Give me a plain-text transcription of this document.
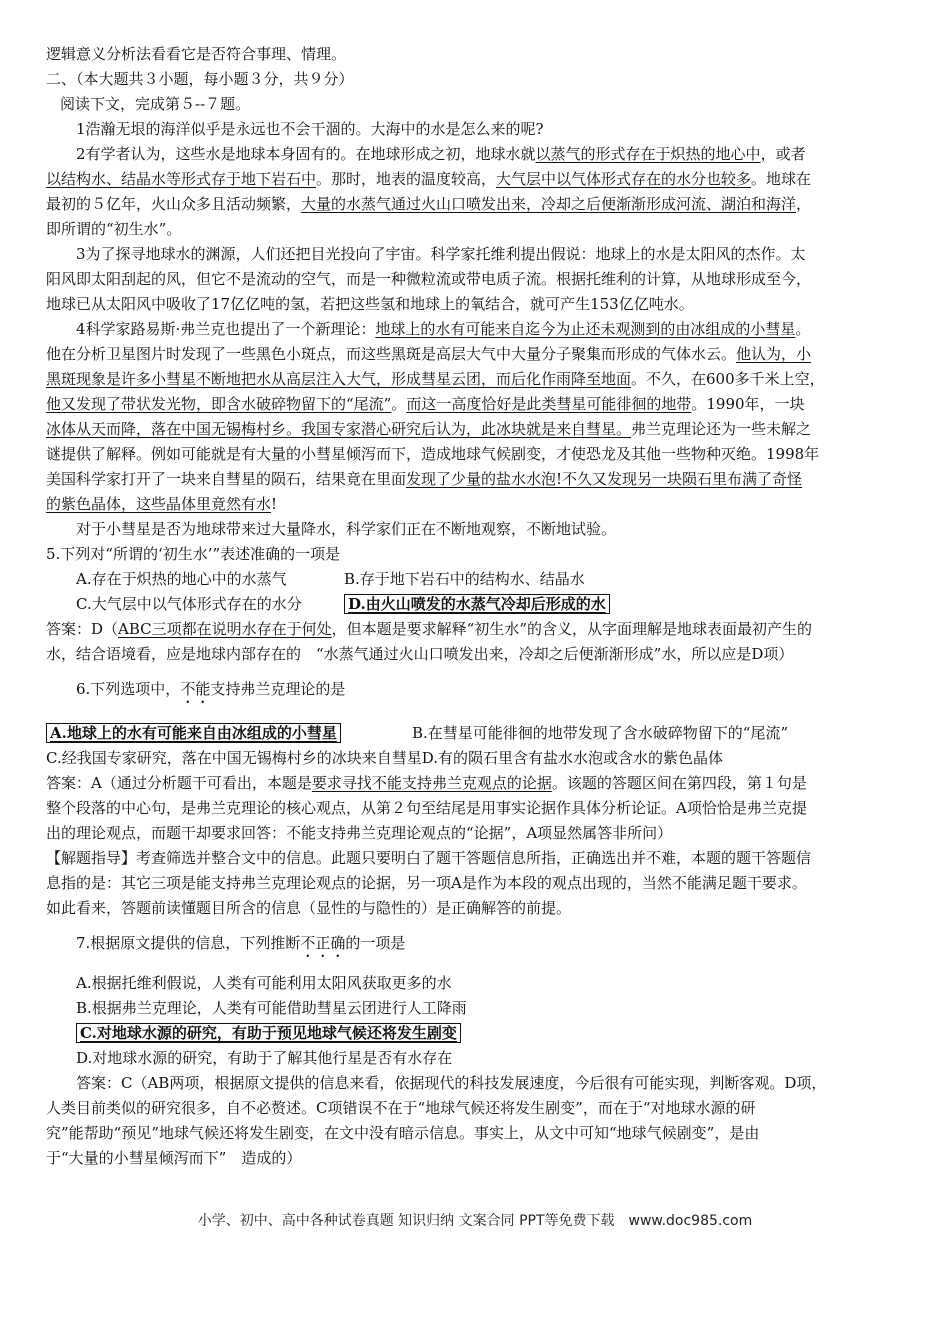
逻辑意义分析法看看它是否符合事理、情理。
二、（本大题共３小题，每小题３分，共９分）
阅读下文，完成第５--７题。
1浩瀚无垠的海洋似乎是永远也不会干涸的。大海中的水是怎么来的呢?
2有学者认为，这些水是地球本身固有的。在地球形成之初，地球水就以蒸气的形式存在于炽热的地心中，或者
以结构水、结晶水等形式存于地下岩石中。那时，地表的温度较高，大气层中以气体形式存在的水分也较多。地球在
最初的５亿年，火山众多且活动频繁，大量的水蒸气通过火山口喷发出来，冷却之后便渐渐形成河流、湖泊和海洋，
即所谓的“初生水”。
3为了探寻地球水的渊源，人们还把目光投向了宇宙。科学家托维利提出假说：地球上的水是太阳风的杰作。太
阳风即太阳刮起的风，但它不是流动的空气，而是一种微粒流或带电质子流。根据托维利的计算，从地球形成至今，
地球已从太阳风中吸收了17亿亿吨的氢，若把这些氢和地球上的氧结合，就可产生153亿亿吨水。
4科学家路易斯·弗兰克也提出了一个新理论：地球上的水有可能来自迄今为止还未观测到的由冰组成的小彗星。
他在分析卫星图片时发现了一些黑色小斑点，而这些黑斑是高层大气中大量分子聚集而形成的气体水云。他认为，小
黑斑现象是许多小彗星不断地把水从高层注入大气，形成彗星云团，而后化作雨降至地面。不久，在600多千米上空，
他又发现了带状发光物，即含水破碎物留下的“尾流”。而这一高度恰好是此类彗星可能徘徊的地带。1990年，一块
冰体从天而降，落在中国无锡梅村乡。我国专家潜心研究后认为，此冰块就是来自彗星。弗兰克理论还为一些未解之
谜提供了解释。例如可能就是有大量的小彗星倾泻而下，造成地球气候剧变，才使恐龙及其他一些物种灭绝。1998年
美国科学家打开了一块来自彗星的陨石，结果竟在里面发现了少量的盐水水泡!不久又发现另一块陨石里布满了奇怪
的紫色晶体，这些晶体里竟然有水!
对于小彗星是否为地球带来过大量降水，科学家们正在不断地观察，不断地试验。
5.下列对“所谓的‘初生水’”表述准确的一项是
A.存在于炽热的地心中的水蒸气	B.存于地下岩石中的结构水、结晶水
C.大气层中以气体形式存在的水分	D.由火山喷发的水蒸气冷却后形成的水
答案：D（ABC三项都在说明水存在于何处，但本题是要求解释“初生水”的含义，从字面理解是地球表面最初产生的
水，结合语境看，应是地球内部存在的　“水蒸气通过火山口喷发出来，冷却之后便渐渐形成”水，所以应是D项）
6.下列选项中，不能支持弗兰克理论的是
A.地球上的水有可能来自由冰组成的小彗星	B.在彗星可能徘徊的地带发现了含水破碎物留下的“尾流”
C.经我国专家研究，落在中国无锡梅村乡的冰块来自彗星D.有的陨石里含有盐水水泡或含水的紫色晶体
答案：A（通过分析题干可看出，本题是要求寻找不能支持弗兰克观点的论据。该题的答题区间在第四段，第１句是
整个段落的中心句，是弗兰克理论的核心观点，从第２句至结尾是用事实论据作具体分析论证。A项恰恰是弗兰克提
出的理论观点，而题干却要求回答：不能支持弗兰克理论观点的“论据”，A项显然属答非所问）
【解题指导】考查筛选并整合文中的信息。此题只要明白了题干答题信息所指，正确选出并不难，本题的题干答题信
息指的是：其它三项是能支持弗兰克理论观点的论据，另一项A是作为本段的观点出现的，当然不能满足题干要求。
如此看来，答题前读懂题目所含的信息（显性的与隐性的）是正确解答的前提。
7.根据原文提供的信息，下列推断不正确的一项是
A.根据托维利假说，人类有可能利用太阳风获取更多的水
B.根据弗兰克理论，人类有可能借助彗星云团进行人工降雨
C.对地球水源的研究，有助于预见地球气候还将发生剧变
D.对地球水源的研究，有助于了解其他行星是否有水存在
答案：C（AB两项，根据原文提供的信息来看，依据现代的科技发展速度，今后很有可能实现，判断客观。D项，
人类目前类似的研究很多，自不必赘述。C项错误不在于“地球气候还将发生剧变”，而在于“对地球水源的研
究”能帮助“预见”地球气候还将发生剧变，在文中没有暗示信息。事实上，从文中可知“地球气候剧变”，是由
于“大量的小彗星倾泻而下”　造成的）
小学、初中、高中各种试卷真题 知识归纳 文案合同 PPT等免费下载　www.doc985.com
